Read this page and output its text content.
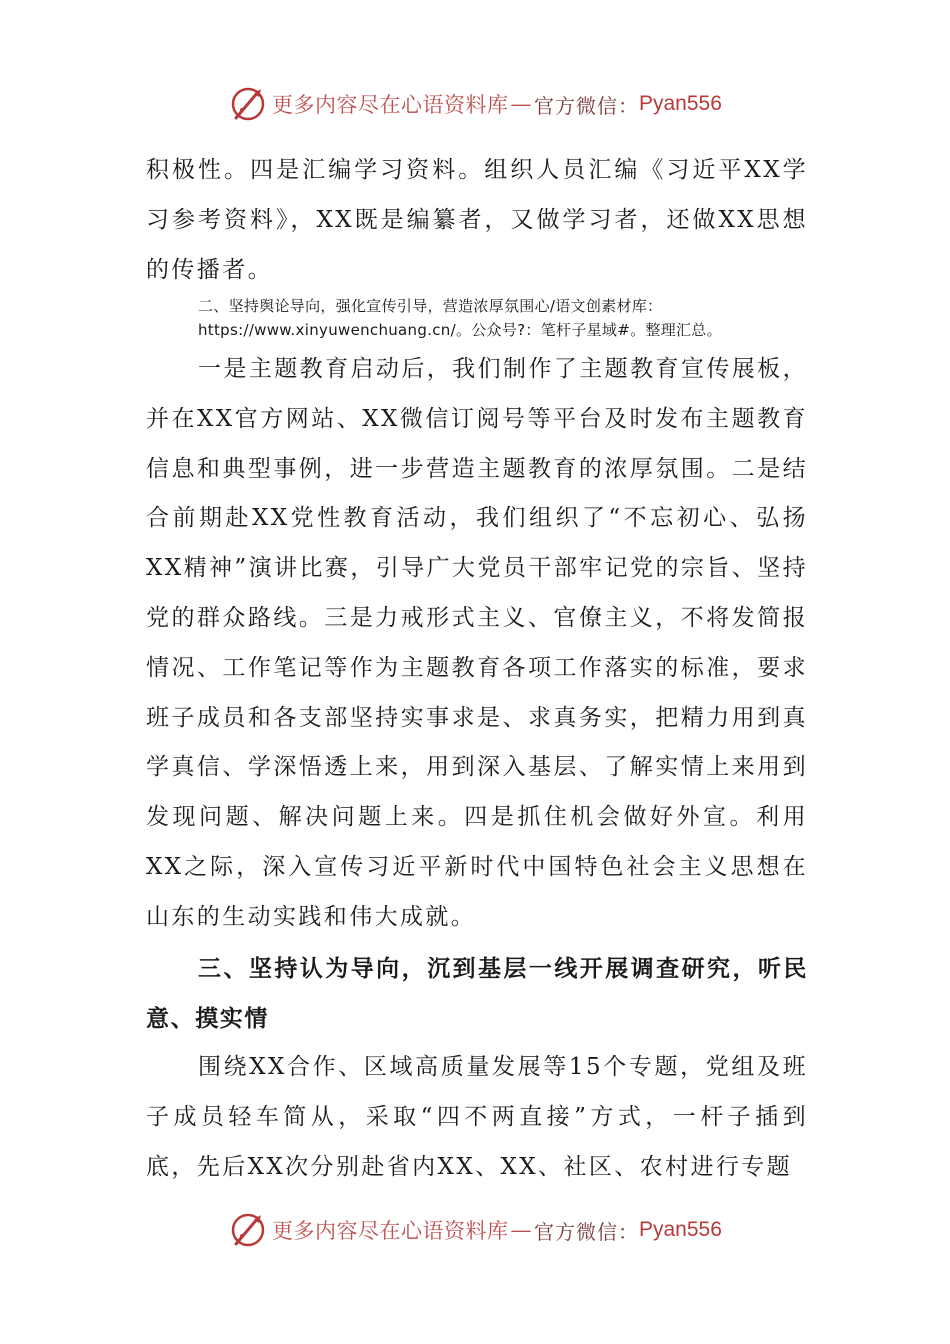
更多内容尽在心语资料库 — 官方微信： Pyan556
积极性。四是汇编学习资料。组织人员汇编《习近平XX学习参考资料》，XX既是编纂者，又做学习者，还做XX思想的传播者。
二、坚持舆论导向，强化宣传引导，营造浓厚氛围心/语文创素材库：https://www.xinyuwenchuang.cn/。公众号?：笔杆子星域#。整理汇总。
一是主题教育启动后，我们制作了主题教育宣传展板，并在XX官方网站、XX微信订阅号等平台及时发布主题教育信息和典型事例，进一步营造主题教育的浓厚氛围。二是结合前期赴XX党性教育活动，我们组织了“不忘初心、弘扬XX精神”演讲比赛，引导广大党员干部牢记党的宗旨、坚持党的群众路线。三是力戒形式主义、官僚主义，不将发简报情况、工作笔记等作为主题教育各项工作落实的标准，要求班子成员和各支部坚持实事求是、求真务实，把精力用到真学真信、学深悟透上来，用到深入基层、了解实情上来用到发现问题、解决问题上来。四是抓住机会做好外宣。利用XX之际，深入宣传习近平新时代中国特色社会主义思想在山东的生动实践和伟大成就。
三、坚持认为导向，沉到基层一线开展调查研究，听民意、摸实情
围绕XX合作、区域高质量发展等15个专题，党组及班子成员轻车简从，采取“四不两直接”方式，一杆子插到底，先后XX次分别赴省内XX、XX、社区、农村进行专题
更多内容尽在心语资料库 — 官方微信： Pyan556
